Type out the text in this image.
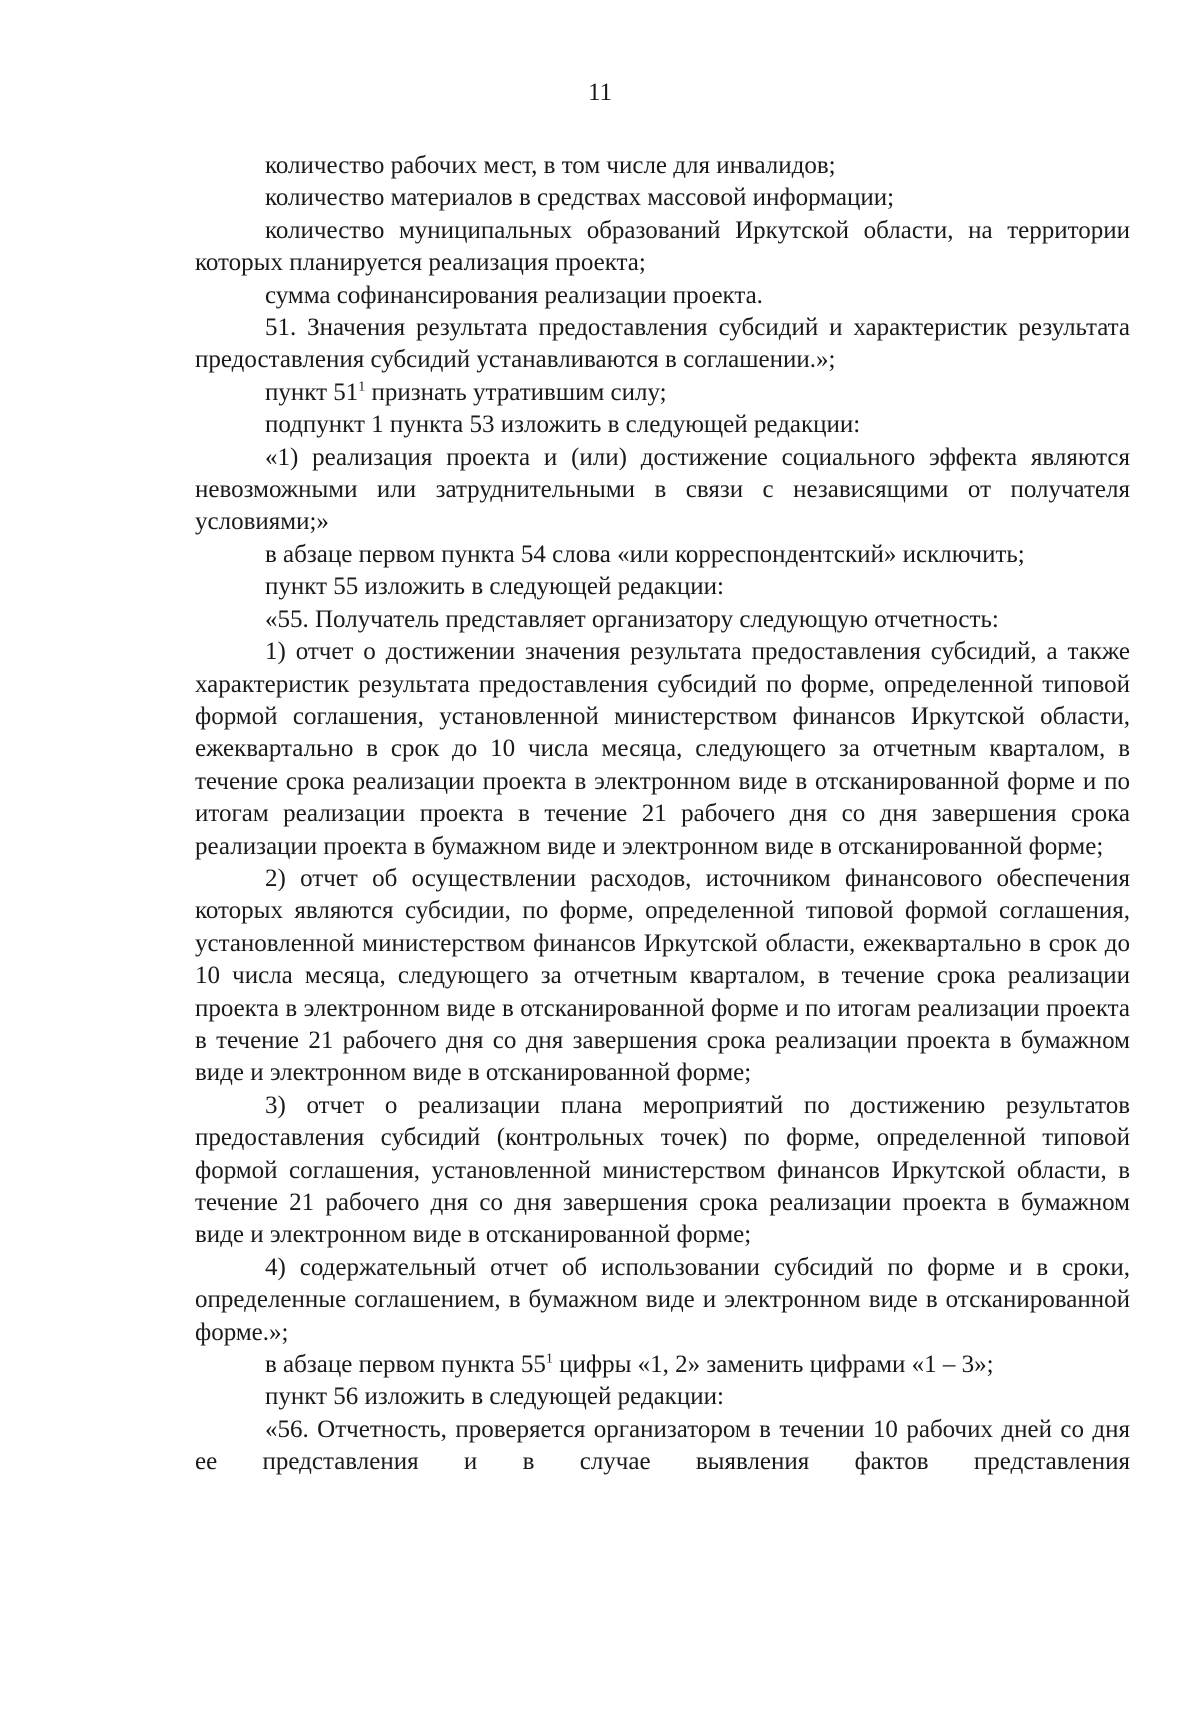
11

количество рабочих мест, в том числе для инвалидов;

количество материалов в средствах массовой информации;

количество муниципальных образований Иркутской области, на территории которых планируется реализация проекта;

сумма софинансирования реализации проекта.

51. Значения результата предоставления субсидий и характеристик результата предоставления субсидий устанавливаются в соглашении.»;

пункт $51^1$ признать утратившим силу;

подпункт 1 пункта 53 изложить в следующей редакции:

«1) реализация проекта и (или) достижение социального эффекта являются невозможными или затруднительными в связи с независящими от получателя условиями;»

в абзаце первом пункта 54 слова «или корреспондентский» исключить;

пункт 55 изложить в следующей редакции:

«55. Получатель представляет организатору следующую отчетность:

1) отчет о достижении значения результата предоставления субсидий, а также характеристик результата предоставления субсидий по форме, определенной типовой формой соглашения, установленной министерством финансов Иркутской области, ежеквартально в срок до 10 числа месяца, следующего за отчетным кварталом, в течение срока реализации проекта в электронном виде в отсканированной форме и по итогам реализации проекта в течение 21 рабочего дня со дня завершения срока реализации проекта в бумажном виде и электронном виде в отсканированной форме;

2) отчет об осуществлении расходов, источником финансового обеспечения которых являются субсидии, по форме, определенной типовой формой соглашения, установленной министерством финансов Иркутской области, ежеквартально в срок до 10 числа месяца, следующего за отчетным кварталом, в течение срока реализации проекта в электронном виде в отсканированной форме и по итогам реализации проекта в течение 21 рабочего дня со дня завершения срока реализации проекта в бумажном виде и электронном виде в отсканированной форме;

3) отчет о реализации плана мероприятий по достижению результатов предоставления субсидий (контрольных точек) по форме, определенной типовой формой соглашения, установленной министерством финансов Иркутской области, в течение 21 рабочего дня со дня завершения срока реализации проекта в бумажном виде и электронном виде в отсканированной форме;

4) содержательный отчет об использовании субсидий по форме и в сроки, определенные соглашением, в бумажном виде и электронном виде в отсканированной форме.»;

в абзаце первом пункта $55^1$ цифры «1, 2» заменить цифрами «1 – 3»;

пункт 56 изложить в следующей редакции:

«56. Отчетность, проверяется организатором в течении 10 рабочих дней со дня ее представления и в случае выявления фактов представления
